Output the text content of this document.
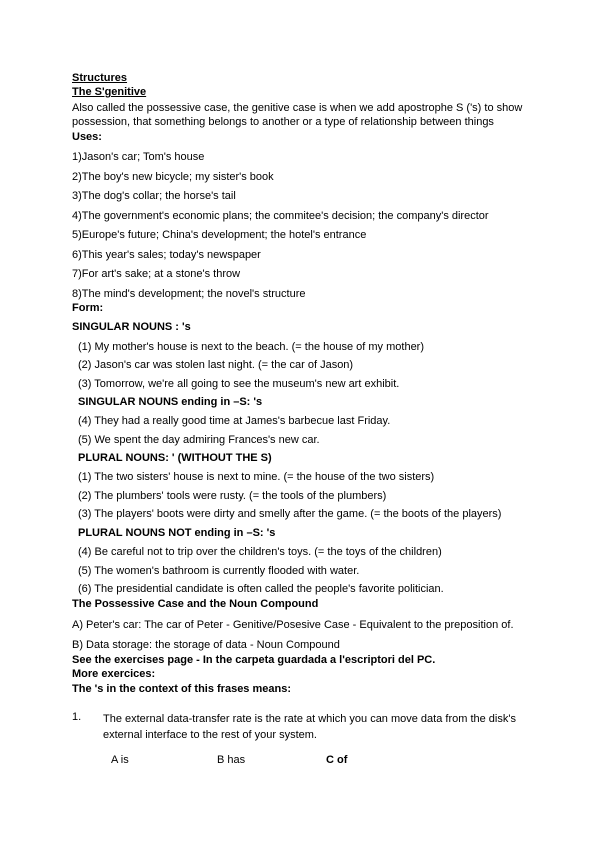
Structures
The S'genitive
Also called the possessive case, the genitive case is when we add apostrophe S ('s) to show possession, that something belongs to another or a type of relationship between things
Uses:
1)Jason's car; Tom's house
2)The boy's new bicycle; my sister's book
3)The dog's collar; the horse's tail
4)The government's economic plans; the commitee's decision; the company's director
5)Europe's future; China's development; the hotel's entrance
6)This year's sales; today's newspaper
7)For art's sake; at a stone's throw
8)The mind's development; the novel's structure
Form:
SINGULAR NOUNS : 's
(1) My mother's house is next to the beach. (= the house of my mother)
(2) Jason's car was stolen last night. (= the car of Jason)
(3) Tomorrow, we're all going to see the museum's new art exhibit.
SINGULAR NOUNS ending in –S: 's
(4) They had a really good time at James's barbecue last Friday.
(5) We spent the day admiring Frances's new car.
PLURAL NOUNS: ' (WITHOUT THE S)
(1) The two sisters' house is next to mine. (= the house of the two sisters)
(2) The plumbers' tools were rusty. (= the tools of the plumbers)
(3) The players' boots were dirty and smelly after the game. (= the boots of the players)
PLURAL NOUNS NOT ending in –S: 's
(4) Be careful not to trip over the children's toys. (= the toys of the children)
(5) The women's bathroom is currently flooded with water.
(6) The presidential candidate is often called the people's favorite politician.
The Possessive Case and the Noun Compound
A) Peter's car: The car of Peter - Genitive/Posesive Case - Equivalent to the preposition of.
B) Data storage: the storage of data - Noun Compound
See the exercises page - In the carpeta guardada a l'escriptori del PC.
More exercices:
The 's in the context of this frases means:
1. The external data-transfer rate is the rate at which you can move data from the disk's external interface to the rest of your system.
A is	B has	C of
